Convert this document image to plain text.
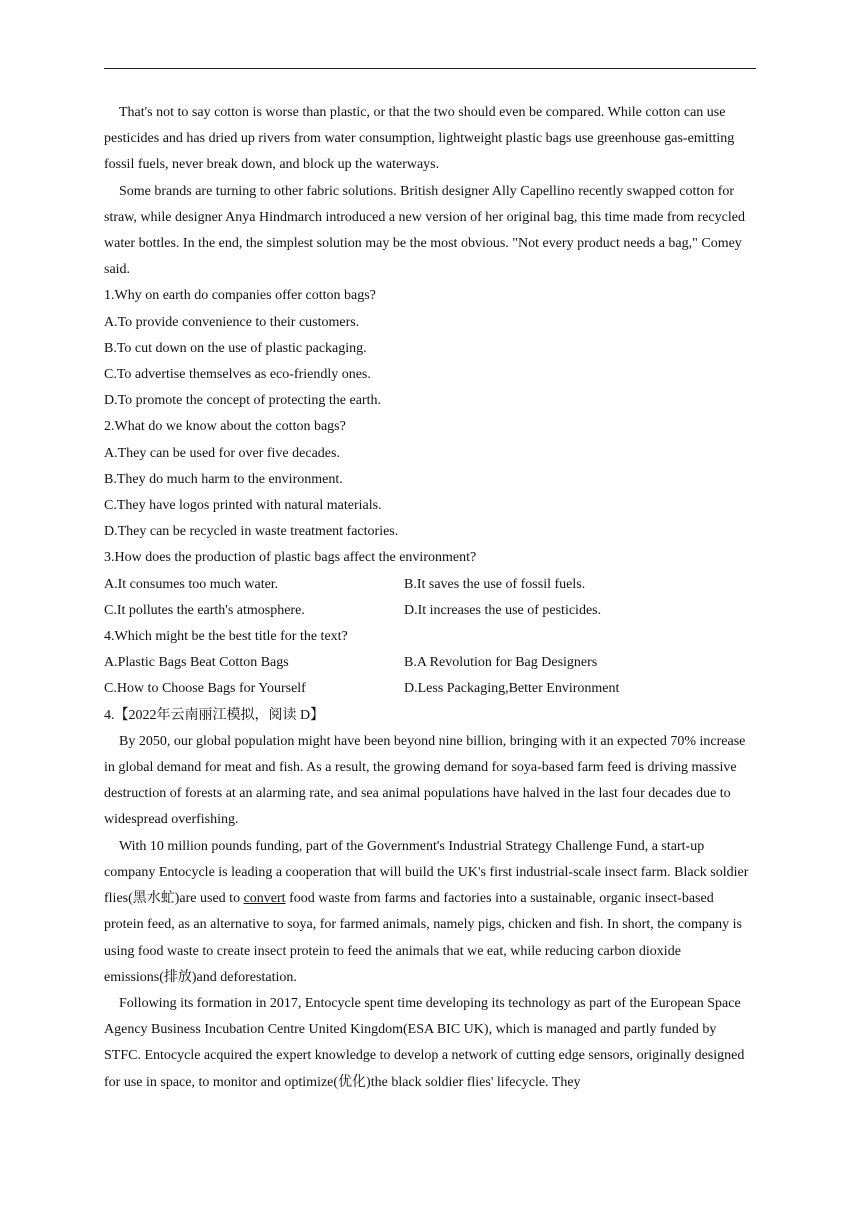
That's not to say cotton is worse than plastic, or that the two should even be compared. While cotton can use pesticides and has dried up rivers from water consumption, lightweight plastic bags use greenhouse gas-emitting fossil fuels, never break down, and block up the waterways.

Some brands are turning to other fabric solutions. British designer Ally Capellino recently swapped cotton for straw, while designer Anya Hindmarch introduced a new version of her original bag, this time made from recycled water bottles. In the end, the simplest solution may be the most obvious. "Not every product needs a bag," Comey said.

1.Why on earth do companies offer cotton bags?

A.To provide convenience to their customers.

B.To cut down on the use of plastic packaging.

C.To advertise themselves as eco-friendly ones.

D.To promote the concept of protecting the earth.

2.What do we know about the cotton bags?

A.They can be used for over five decades.

B.They do much harm to the environment.

C.They have logos printed with natural materials.

D.They can be recycled in waste treatment factories.

3.How does the production of plastic bags affect the environment?

A.It consumes too much water.	B.It saves the use of fossil fuels.
C.It pollutes the earth's atmosphere.	D.It increases the use of pesticides.

4.Which might be the best title for the text?

A.Plastic Bags Beat Cotton Bags	B.A Revolution for Bag Designers
C.How to Choose Bags for Yourself	D.Less Packaging,Better Environment

4.【2022年云南丽江模拟，阅读 D】

By 2050, our global population might have been beyond nine billion, bringing with it an expected 70% increase in global demand for meat and fish. As a result, the growing demand for soya-based farm feed is driving massive destruction of forests at an alarming rate, and sea animal populations have halved in the last four decades due to widespread overfishing.

With 10 million pounds funding, part of the Government's Industrial Strategy Challenge Fund, a start-up company Entocycle is leading a cooperation that will build the UK's first industrial-scale insect farm. Black soldier flies(黑水虻)are used to convert food waste from farms and factories into a sustainable, organic insect-based protein feed, as an alternative to soya, for farmed animals, namely pigs, chicken and fish. In short, the company is using food waste to create insect protein to feed the animals that we eat, while reducing carbon dioxide emissions(排放)and deforestation.

Following its formation in 2017, Entocycle spent time developing its technology as part of the European Space Agency Business Incubation Centre United Kingdom(ESA BIC UK), which is managed and partly funded by STFC. Entocycle acquired the expert knowledge to develop a network of cutting edge sensors, originally designed for use in space, to monitor and optimize(优化)the black soldier flies' lifecycle. They
